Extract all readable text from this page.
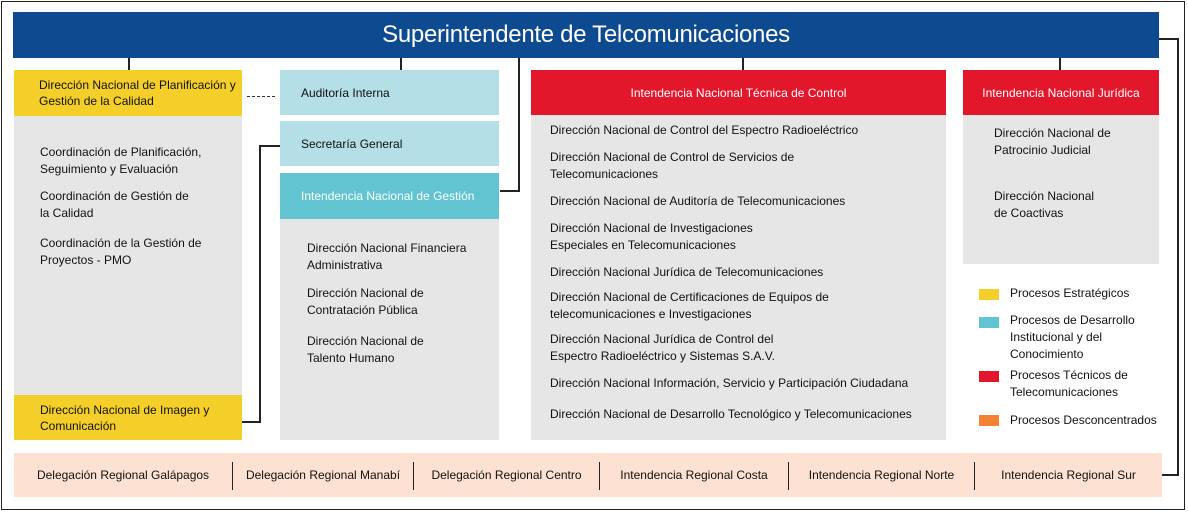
Superintendente de Telcomunicaciones
Dirección Nacional de Planificación y Gestión de la Calidad
Coordinación de Planificación, Seguimiento y Evaluación
Coordinación de Gestión de la Calidad
Coordinación de la Gestión de Proyectos - PMO
Dirección Nacional de Imagen y Comunicación
Auditoría Interna
Secretaría General
Intendencia Nacional de Gestión
Dirección Nacional Financiera Administrativa
Dirección Nacional de Contratación Pública
Dirección Nacional de Talento Humano
Intendencia Nacional Técnica de Control
Dirección Nacional de Control del Espectro Radioeléctrico
Dirección Nacional de Control de Servicios de Telecomunicaciones
Dirección Nacional de Auditoría de Telecomunicaciones
Dirección Nacional de Investigaciones Especiales en Telecomunicaciones
Dirección Nacional Jurídica de Telecomunicaciones
Dirección Nacional de Certificaciones de Equipos de telecomunicaciones e Investigaciones
Dirección Nacional Jurídica de Control del Espectro Radioeléctrico y Sistemas S.A.V.
Dirección Nacional Información, Servicio y Participación Ciudadana
Dirección Nacional de Desarrollo Tecnológico y Telecomunicaciones
Intendencia Nacional Jurídica
Dirección Nacional de Patrocinio Judicial
Dirección Nacional de Coactivas
Procesos Estratégicos
Procesos de Desarrollo Institucional y del Conocimiento
Procesos Técnicos de Telecomunicaciones
Procesos Desconcentrados
Delegación Regional Galápagos	Delegación Regional Manabí	Delegación Regional Centro	Intendencia Regional Costa	Intendencia Regional Norte	Intendencia Regional Sur
